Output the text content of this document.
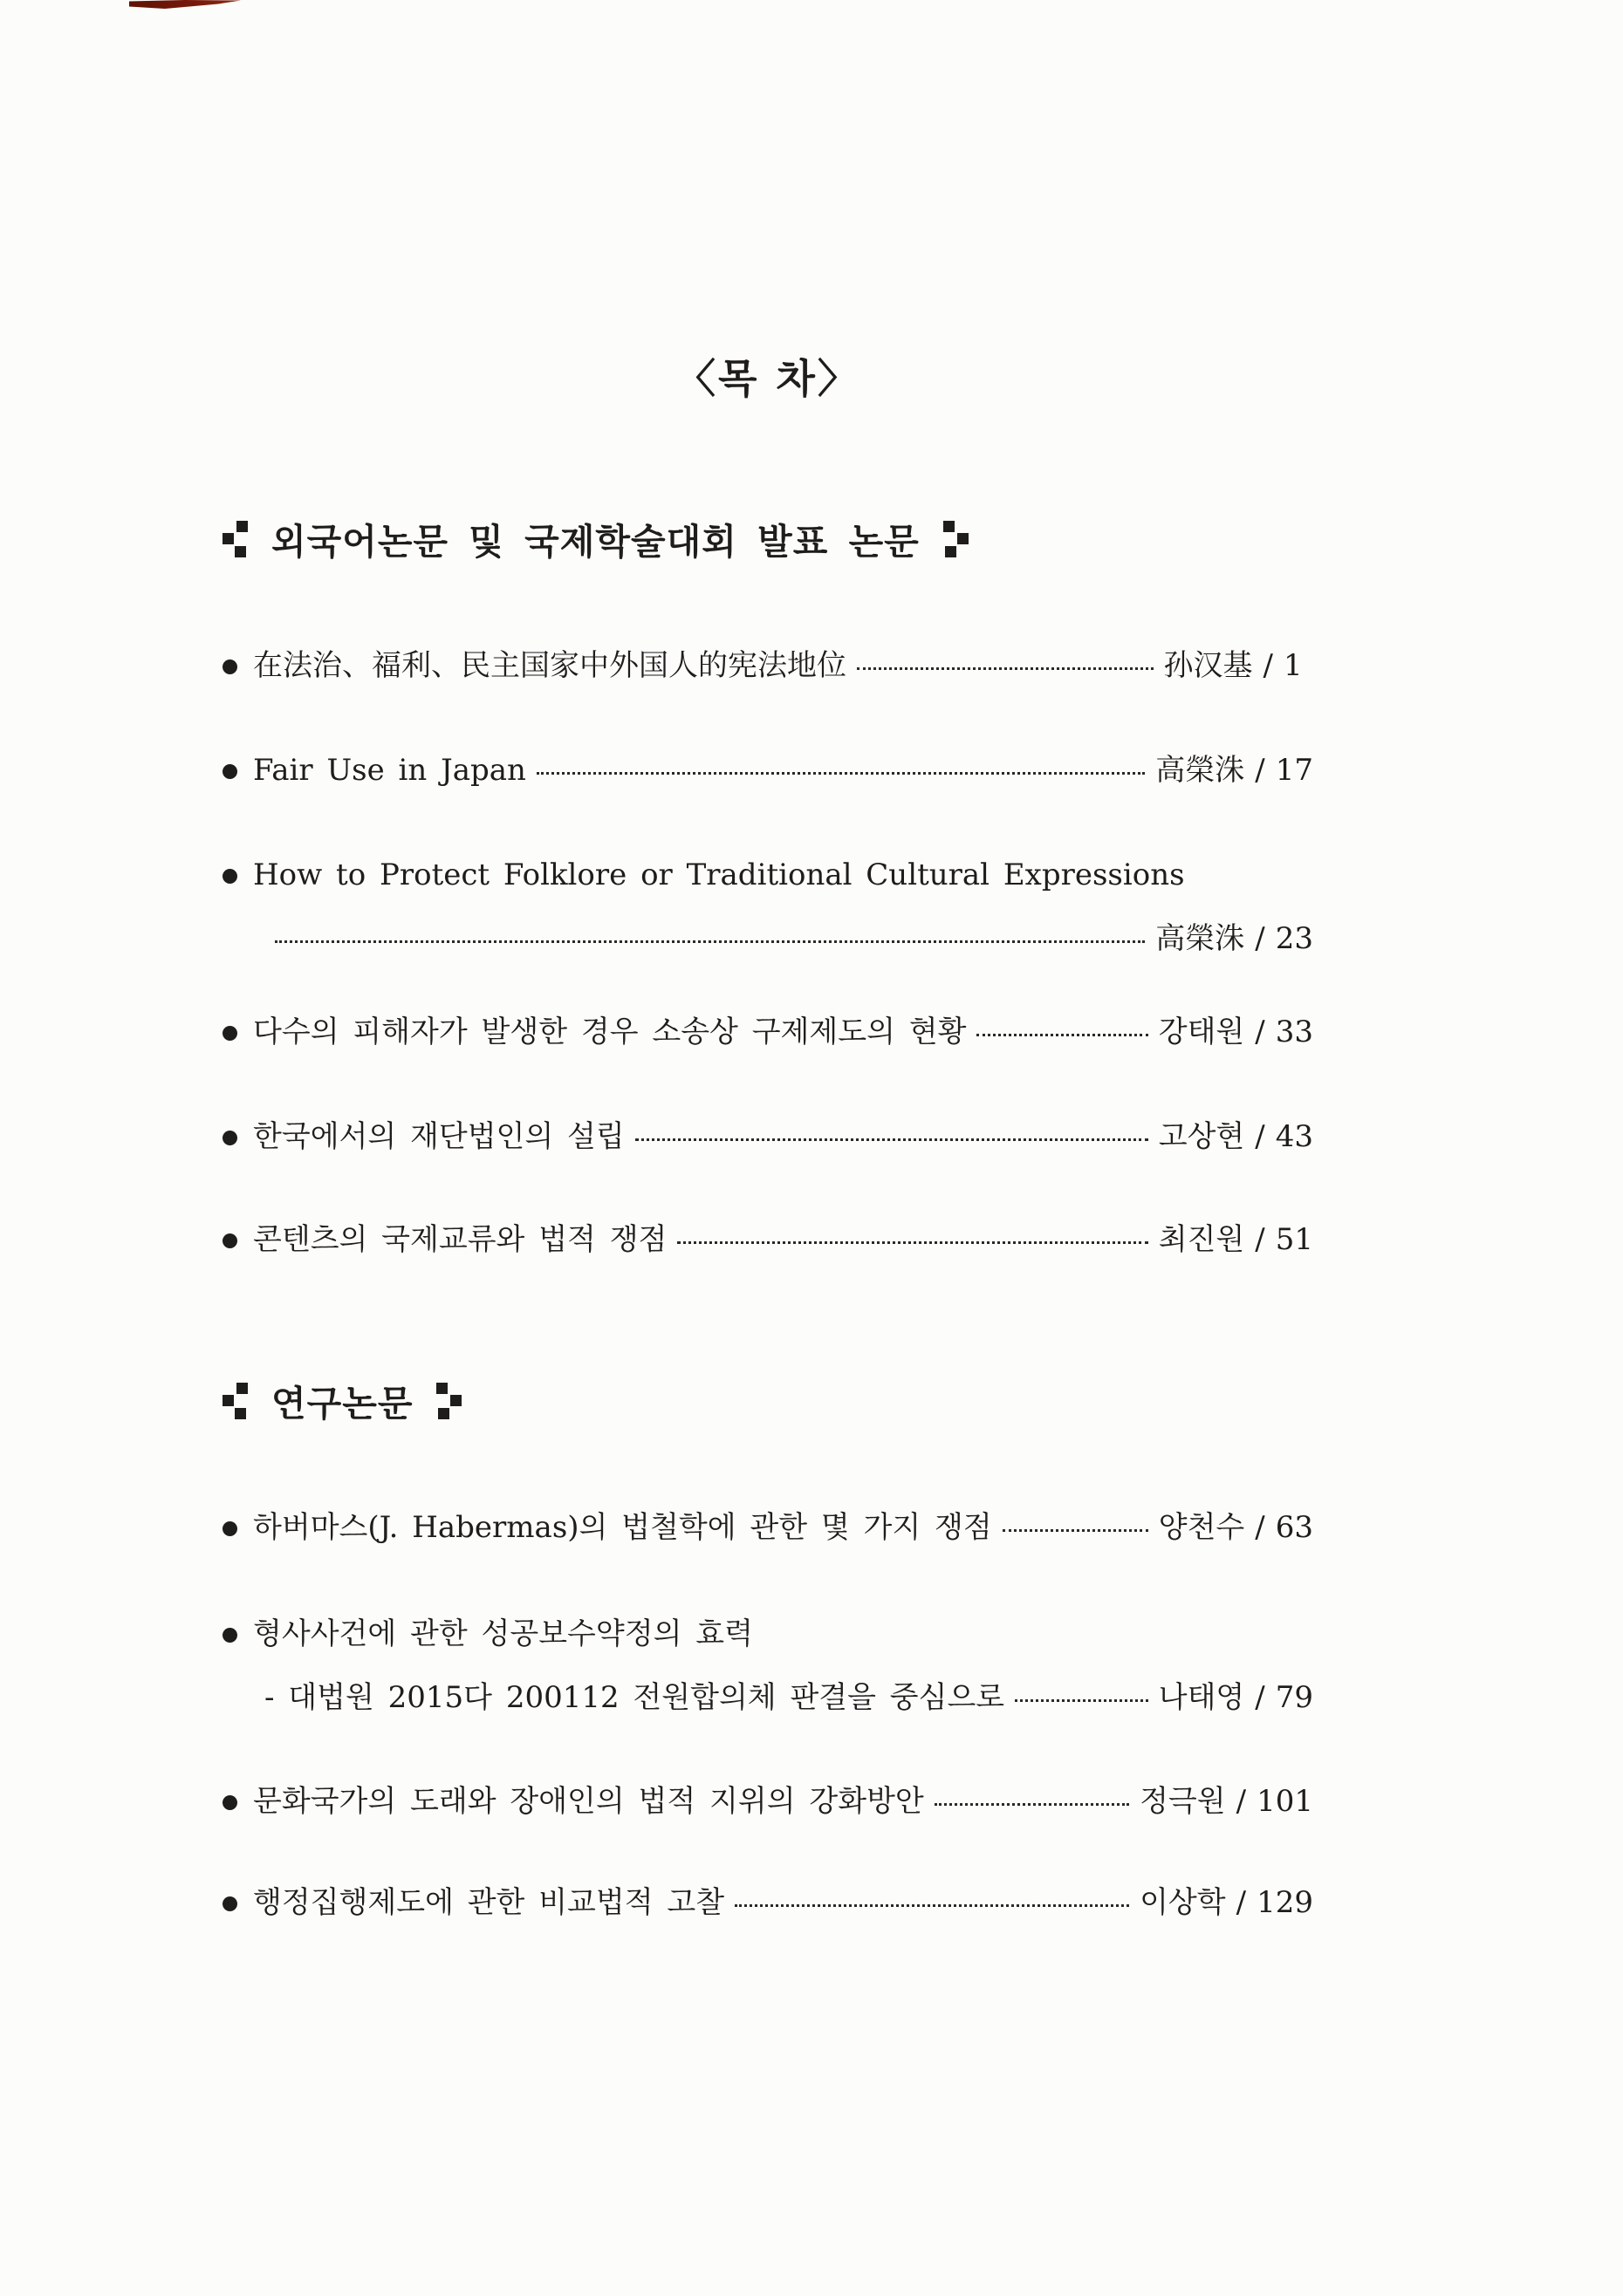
〈목 차〉
외국어논문 및 국제학술대회 발표 논문
在法治、福利、民主国家中外国人的宪法地位	孙汉基 / 1
Fair Use in Japan	高榮洙 / 17
How to Protect Folklore or Traditional Cultural Expressions
高榮洙 / 23
다수의 피해자가 발생한 경우 소송상 구제제도의 현황	강태원 / 33
한국에서의 재단법인의 설립	고상현 / 43
콘텐츠의 국제교류와 법적 쟁점	최진원 / 51
연구논문
하버마스(J. Habermas)의 법철학에 관한 몇 가지 쟁점	양천수 / 63
형사사건에 관한 성공보수약정의 효력
- 대법원 2015다 200112 전원합의체 판결을 중심으로	나태영 / 79
문화국가의 도래와 장애인의 법적 지위의 강화방안	정극원 / 101
행정집행제도에 관한 비교법적 고찰	이상학 / 129
